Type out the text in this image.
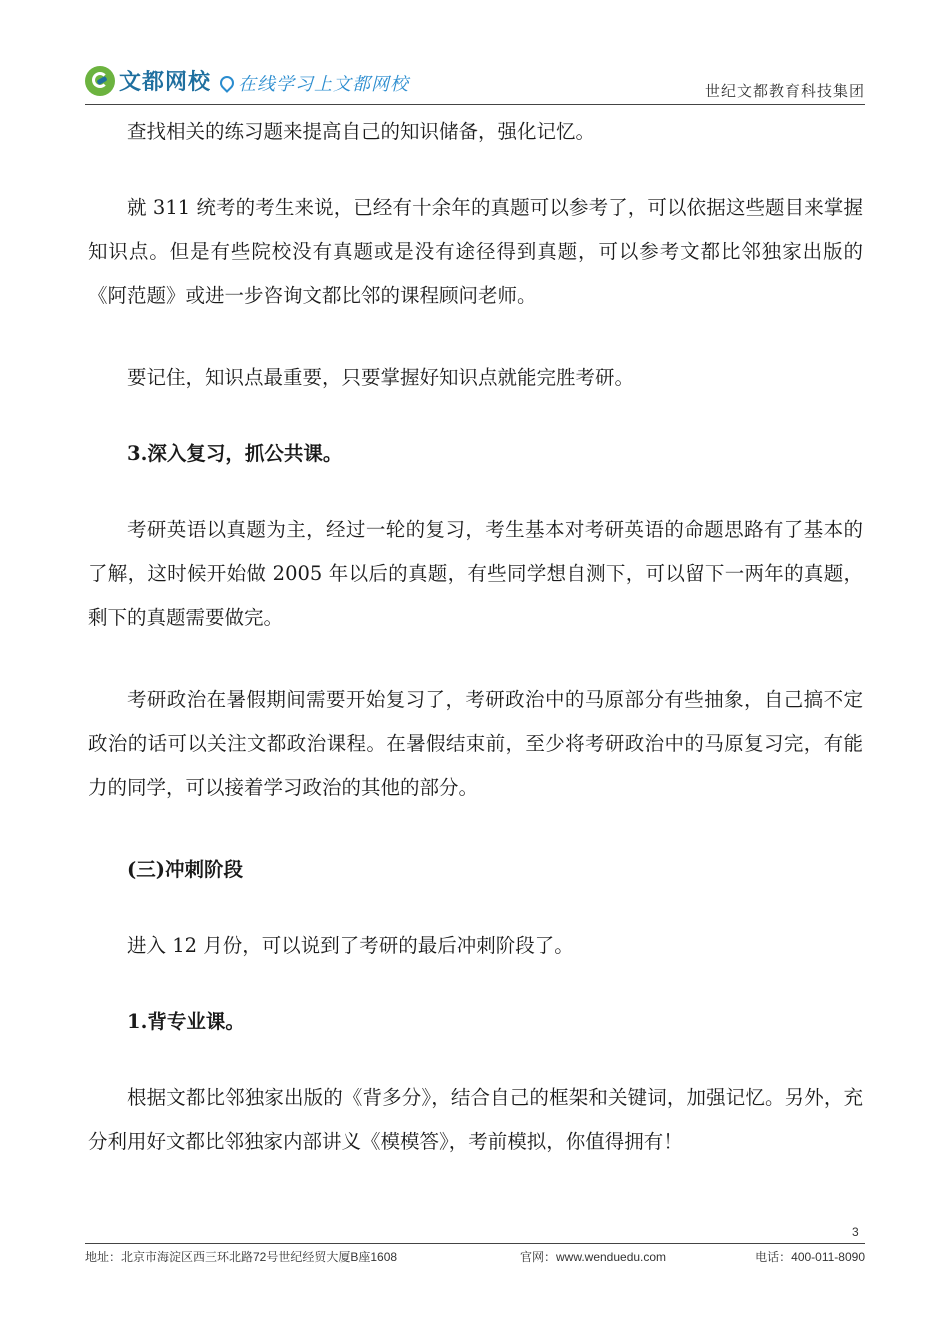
文都网校 在线学习上文都网校	世纪文都教育科技集团

查找相关的练习题来提高自己的知识储备，强化记忆。

就 311 统考的考生来说，已经有十余年的真题可以参考了，可以依据这些题目来掌握知识点。但是有些院校没有真题或是没有途径得到真题，可以参考文都比邻独家出版的《阿范题》或进一步咨询文都比邻的课程顾问老师。

要记住，知识点最重要，只要掌握好知识点就能完胜考研。

3.深入复习，抓公共课。

考研英语以真题为主，经过一轮的复习，考生基本对考研英语的命题思路有了基本的了解，这时候开始做 2005 年以后的真题，有些同学想自测下，可以留下一两年的真题，剩下的真题需要做完。

考研政治在暑假期间需要开始复习了，考研政治中的马原部分有些抽象，自己搞不定政治的话可以关注文都政治课程。在暑假结束前，至少将考研政治中的马原复习完，有能力的同学，可以接着学习政治的其他的部分。

(三)冲刺阶段

进入 12 月份，可以说到了考研的最后冲刺阶段了。

1.背专业课。

根据文都比邻独家出版的《背多分》，结合自己的框架和关键词，加强记忆。另外，充分利用好文都比邻独家内部讲义《模模答》，考前模拟，你值得拥有！

3
地址：北京市海淀区西三环北路72号世纪经贸大厦B座1608	官网：www.wenduedu.com	电话：400-011-8090
